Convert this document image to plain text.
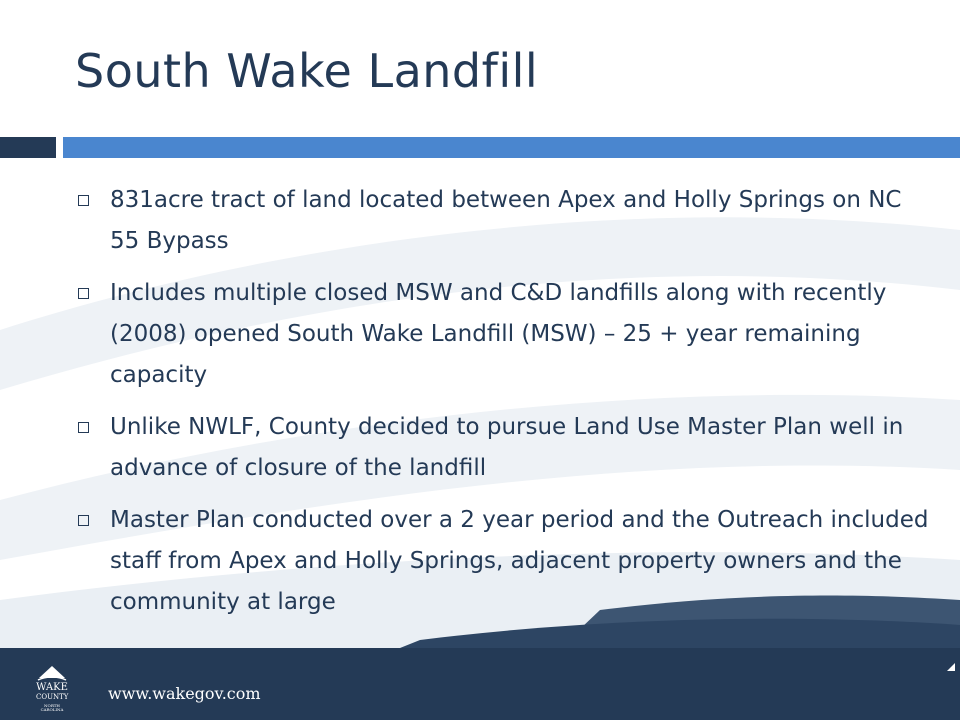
South Wake Landfill
831acre tract of land located between Apex and Holly Springs on NC 55 Bypass
Includes multiple closed MSW and C&D landfills along with recently (2008) opened South Wake Landfill (MSW) – 25 + year remaining capacity
Unlike NWLF, County decided to pursue Land Use Master Plan well in advance of closure of the landfill
Master Plan conducted over a 2 year period and the Outreach included staff from Apex and Holly Springs, adjacent property owners and the community at large
www.wakegov.com
WAKE
COUNTY
NORTH CAROLINA
